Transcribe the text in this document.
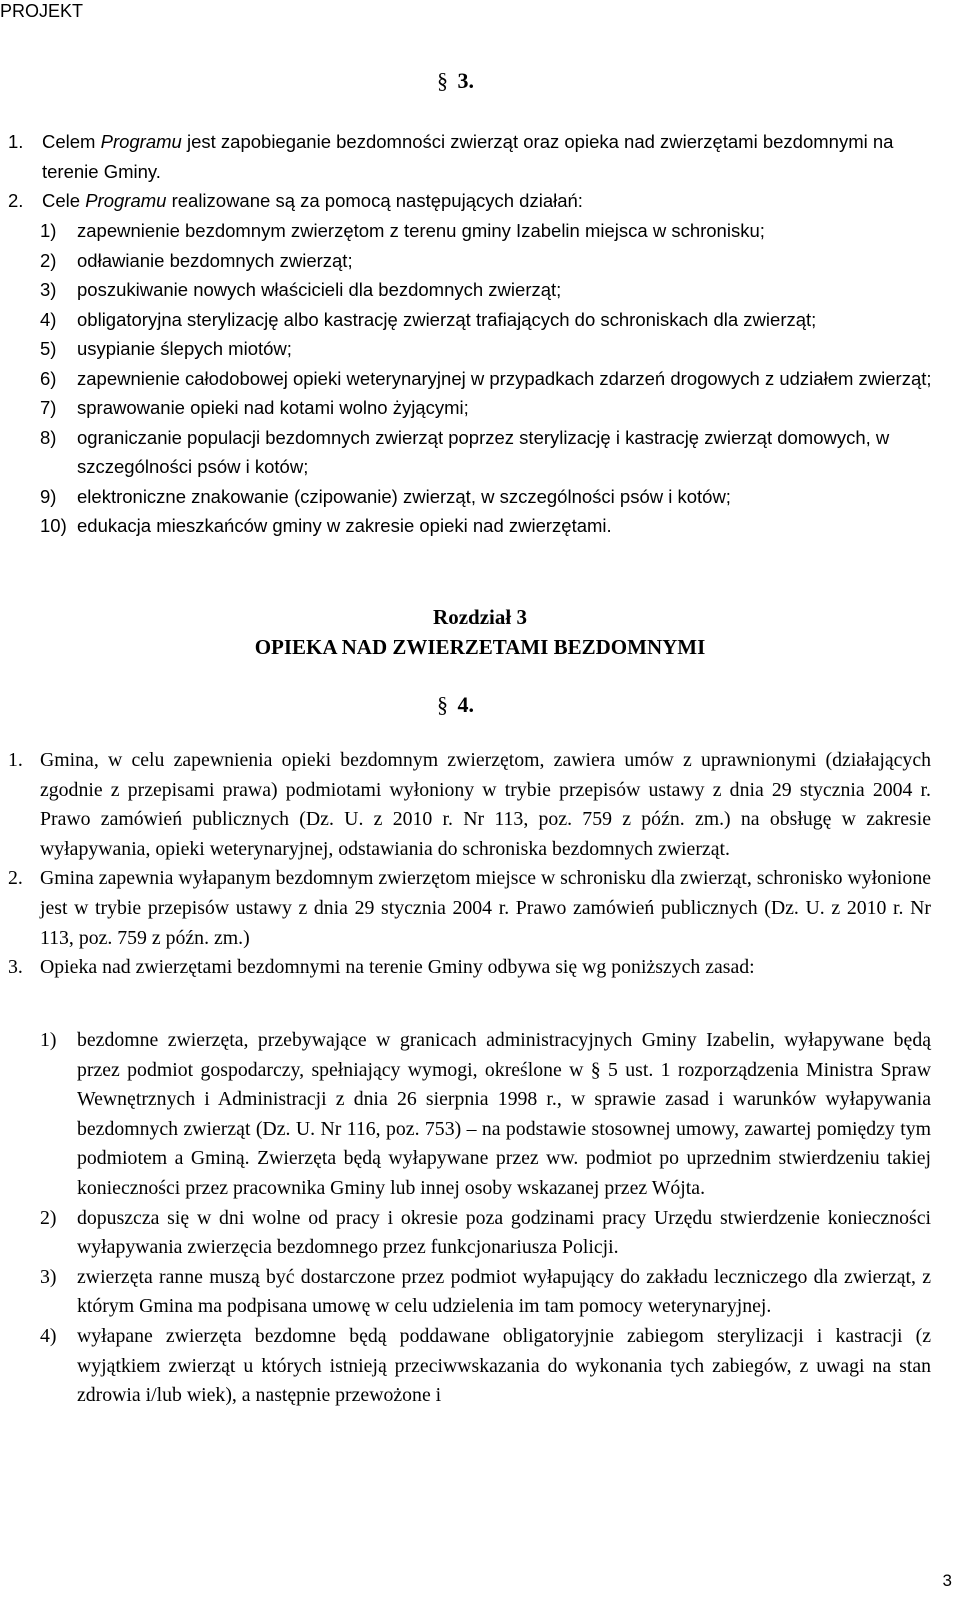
PROJEKT
§ 3.
1. Celem Programu jest zapobieganie bezdomności zwierząt oraz opieka nad zwierzętami bezdomnymi na terenie Gminy.
2. Cele Programu realizowane są za pomocą następujących działań:
1) zapewnienie bezdomnym zwierzętom z terenu gminy Izabelin miejsca w schronisku;
2) odławianie bezdomnych zwierząt;
3) poszukiwanie nowych właścicieli dla bezdomnych zwierząt;
4) obligatoryjna sterylizację albo kastrację zwierząt trafiających do schroniskach dla zwierząt;
5) usypianie ślepych miotów;
6) zapewnienie całodobowej opieki weterynaryjnej w przypadkach zdarzeń drogowych z udziałem zwierząt;
7) sprawowanie opieki nad kotami wolno żyjącymi;
8) ograniczanie populacji bezdomnych zwierząt poprzez sterylizację i kastrację zwierząt domowych, w szczególności psów i kotów;
9) elektroniczne znakowanie (czipowanie) zwierząt, w szczególności psów i kotów;
10) edukacja mieszkańców gminy w zakresie opieki nad zwierzętami.
Rozdział 3
OPIEKA NAD ZWIERZETAMI BEZDOMNYMI
§ 4.
1. Gmina, w celu zapewnienia opieki bezdomnym zwierzętom, zawiera umów z uprawnionymi (działających zgodnie z przepisami prawa) podmiotami wyłoniony w trybie przepisów ustawy z dnia 29 stycznia 2004 r. Prawo zamówień publicznych (Dz. U. z 2010 r. Nr 113, poz. 759 z późn. zm.) na obsługę w zakresie wyłapywania, opieki weterynaryjnej, odstawiania do schroniska bezdomnych zwierząt.
2. Gmina zapewnia wyłapanym bezdomnym zwierzętom miejsce w schronisku dla zwierząt, schronisko wyłonione jest w trybie przepisów ustawy z dnia 29 stycznia 2004 r. Prawo zamówień publicznych (Dz. U. z 2010 r. Nr 113, poz. 759 z późn. zm.)
3. Opieka nad zwierzętami bezdomnymi na terenie Gminy odbywa się wg poniższych zasad:
1) bezdomne zwierzęta, przebywające w granicach administracyjnych Gminy Izabelin, wyłapywane będą przez podmiot gospodarczy, spełniający wymogi, określone w § 5 ust. 1 rozporządzenia Ministra Spraw Wewnętrznych i Administracji z dnia 26 sierpnia 1998 r., w sprawie zasad i warunków wyłapywania bezdomnych zwierząt (Dz. U. Nr 116, poz. 753) – na podstawie stosownej umowy, zawartej pomiędzy tym podmiotem a Gminą. Zwierzęta będą wyłapywane przez ww. podmiot po uprzednim stwierdzeniu takiej konieczności przez pracownika Gminy lub innej osoby wskazanej przez Wójta.
2) dopuszcza się w dni wolne od pracy i okresie poza godzinami pracy Urzędu stwierdzenie konieczności wyłapywania zwierzęcia bezdomnego przez funkcjonariusza Policji.
3) zwierzęta ranne muszą być dostarczone przez podmiot wyłapujący do zakładu leczniczego dla zwierząt, z którym Gmina ma podpisana umowę w celu udzielenia im tam pomocy weterynaryjnej.
4) wyłapane zwierzęta bezdomne będą poddawane obligatoryjnie zabiegom sterylizacji i kastracji (z wyjątkiem zwierząt u których istnieją przeciwwskazania do wykonania tych zabiegów, z uwagi na stan zdrowia i/lub wiek), a następnie przewożone i
3
